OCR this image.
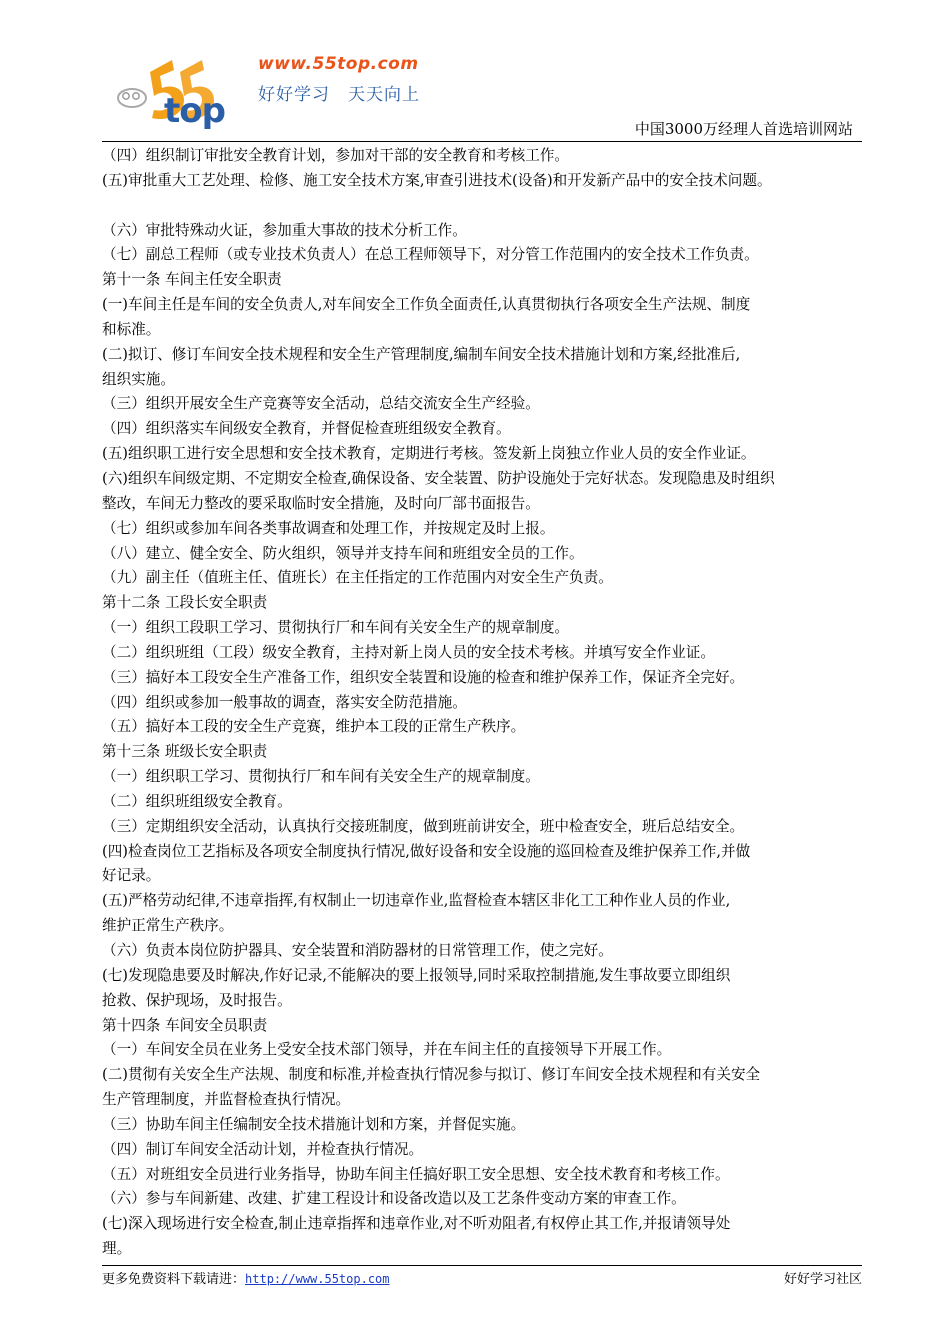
top
www.55top.com
好好学习　天天向上
中国3000万经理人首选培训网站
（四）组织制订审批安全教育计划，参加对干部的安全教育和考核工作。
(五)审批重大工艺处理、检修、施工安全技术方案,审查引进技术(设备)和开发新产品中的安全技术问题。
（六）审批特殊动火证，参加重大事故的技术分析工作。
（七）副总工程师（或专业技术负责人）在总工程师领导下，对分管工作范围内的安全技术工作负责。
第十一条 车间主任安全职责
(一)车间主任是车间的安全负责人,对车间安全工作负全面责任,认真贯彻执行各项安全生产法规、制度
和标准。
(二)拟订、修订车间安全技术规程和安全生产管理制度,编制车间安全技术措施计划和方案,经批准后,
组织实施。
（三）组织开展安全生产竞赛等安全活动，总结交流安全生产经验。
（四）组织落实车间级安全教育，并督促检查班组级安全教育。
(五)组织职工进行安全思想和安全技术教育，定期进行考核。签发新上岗独立作业人员的安全作业证。
(六)组织车间级定期、不定期安全检查,确保设备、安全装置、防护设施处于完好状态。发现隐患及时组织
整改，车间无力整改的要采取临时安全措施，及时向厂部书面报告。
（七）组织或参加车间各类事故调查和处理工作，并按规定及时上报。
（八）建立、健全安全、防火组织，领导并支持车间和班组安全员的工作。
（九）副主任（值班主任、值班长）在主任指定的工作范围内对安全生产负责。
第十二条 工段长安全职责
（一）组织工段职工学习、贯彻执行厂和车间有关安全生产的规章制度。
（二）组织班组（工段）级安全教育，主持对新上岗人员的安全技术考核。并填写安全作业证。
（三）搞好本工段安全生产准备工作，组织安全装置和设施的检查和维护保养工作，保证齐全完好。
（四）组织或参加一般事故的调查，落实安全防范措施。
（五）搞好本工段的安全生产竞赛，维护本工段的正常生产秩序。
第十三条 班级长安全职责
（一）组织职工学习、贯彻执行厂和车间有关安全生产的规章制度。
（二）组织班组级安全教育。
（三）定期组织安全活动，认真执行交接班制度，做到班前讲安全，班中检查安全，班后总结安全。
(四)检查岗位工艺指标及各项安全制度执行情况,做好设备和安全设施的巡回检查及维护保养工作,并做
好记录。
(五)严格劳动纪律,不违章指挥,有权制止一切违章作业,监督检查本辖区非化工工种作业人员的作业,
维护正常生产秩序。
（六）负责本岗位防护器具、安全装置和消防器材的日常管理工作，使之完好。
(七)发现隐患要及时解决,作好记录,不能解决的要上报领导,同时采取控制措施,发生事故要立即组织
抢救、保护现场，及时报告。
第十四条 车间安全员职责
（一）车间安全员在业务上受安全技术部门领导，并在车间主任的直接领导下开展工作。
(二)贯彻有关安全生产法规、制度和标准,并检查执行情况参与拟订、修订车间安全技术规程和有关安全
生产管理制度，并监督检查执行情况。
（三）协助车间主任编制安全技术措施计划和方案，并督促实施。
（四）制订车间安全活动计划，并检查执行情况。
（五）对班组安全员进行业务指导，协助车间主任搞好职工安全思想、安全技术教育和考核工作。
（六）参与车间新建、改建、扩建工程设计和设备改造以及工艺条件变动方案的审查工作。
(七)深入现场进行安全检查,制止违章指挥和违章作业,对不听劝阻者,有权停止其工作,并报请领导处
理。
更多免费资料下载请进：http://www.55top.com	好好学习社区
